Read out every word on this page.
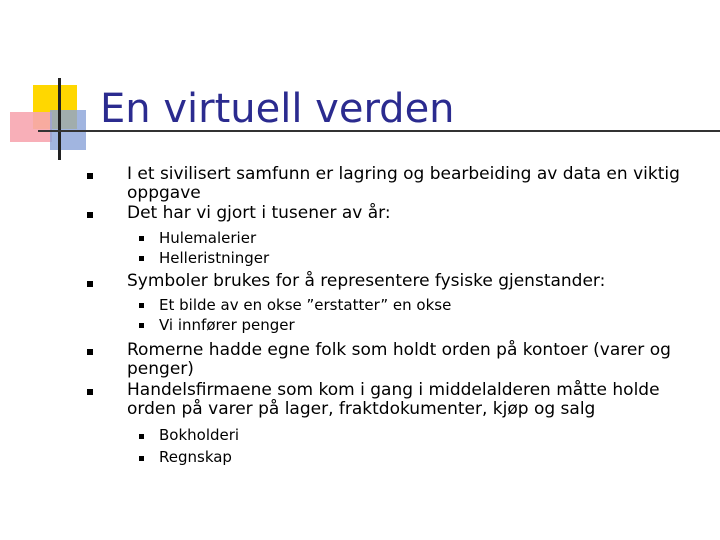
En virtuell verden
I et sivilisert samfunn er lagring og bearbeiding av data en viktig oppgave
Det har vi gjort i tusener av år:
Hulemalerier
Helleristninger
Symboler brukes for å representere fysiske gjenstander:
Et bilde av en okse ”erstatter” en okse
Vi innfører penger
Romerne hadde egne folk som holdt orden på kontoer (varer og penger)
Handelsfirmaene som kom i gang i middelalderen måtte holde orden på varer på lager, fraktdokumenter, kjøp og salg
Bokholderi
Regnskap
